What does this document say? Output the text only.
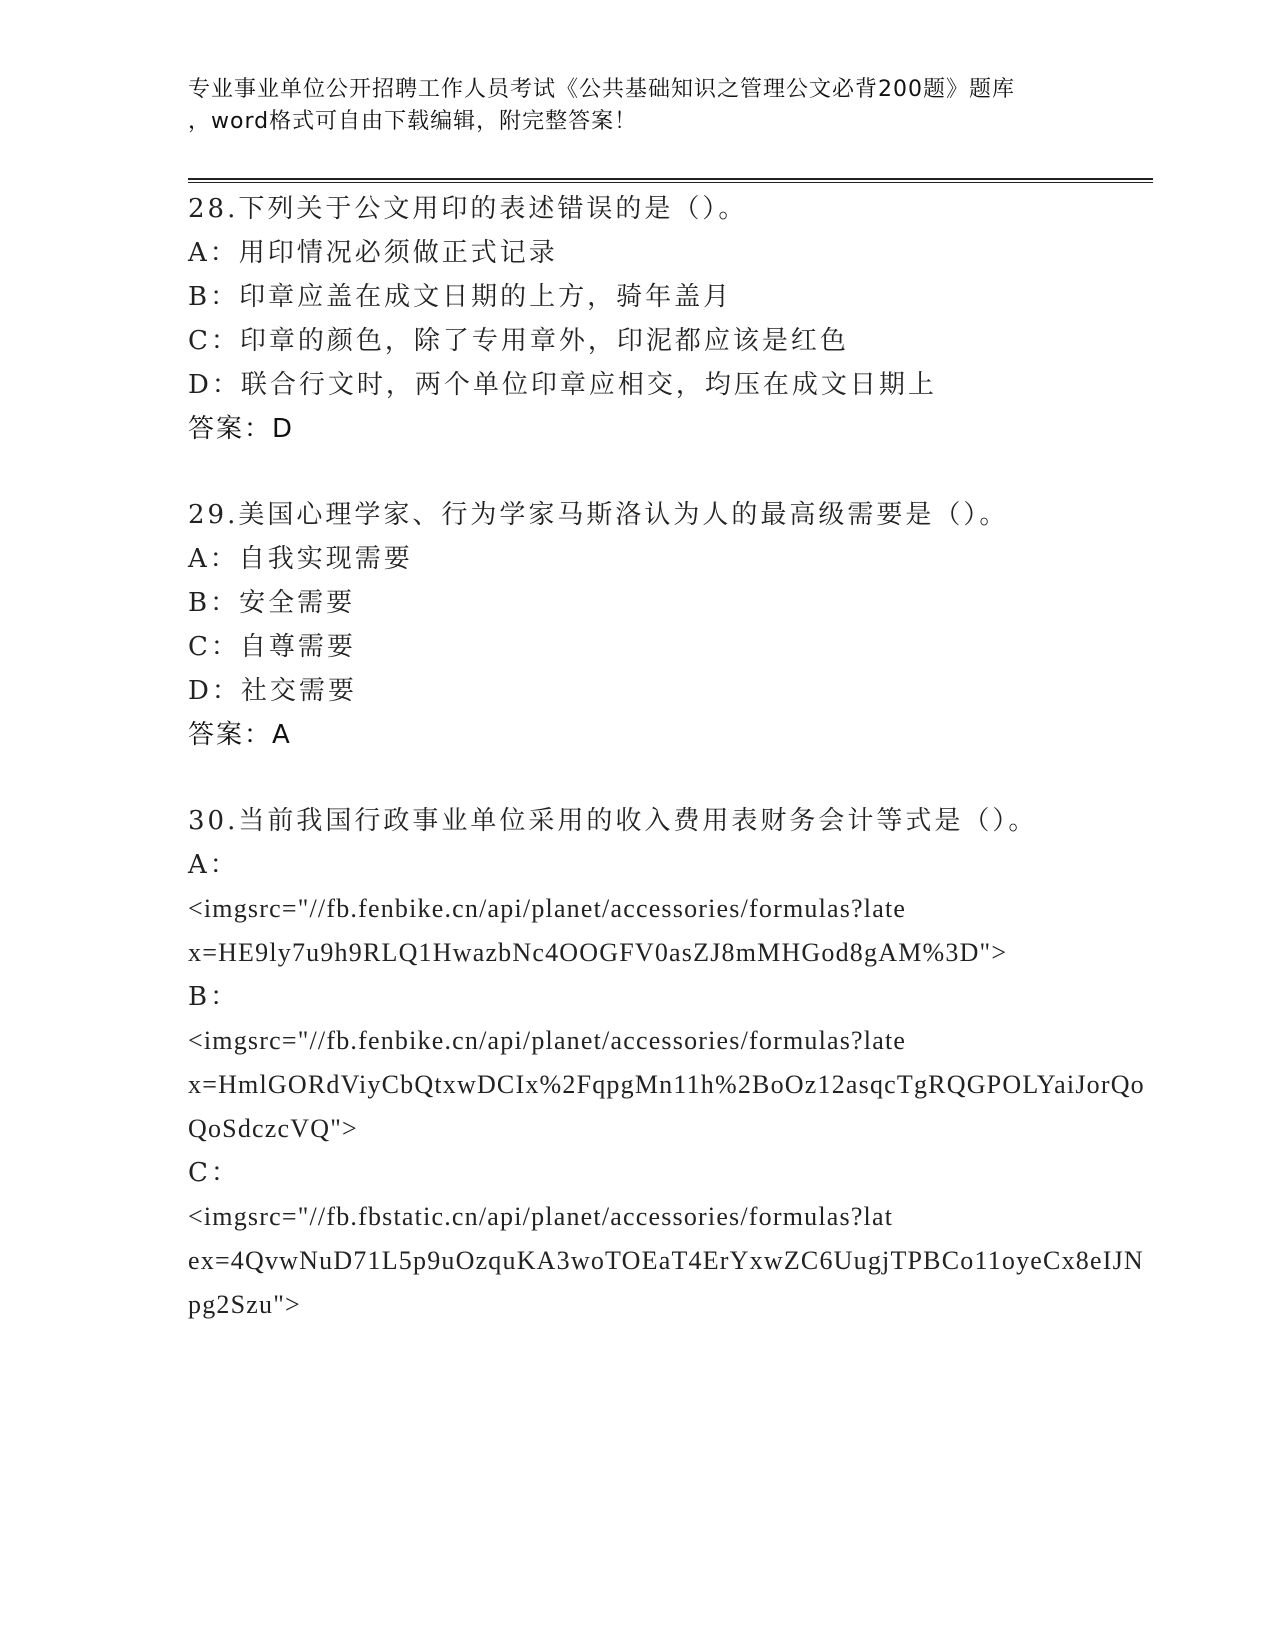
专业事业单位公开招聘工作人员考试《公共基础知识之管理公文必背200题》题库
，word格式可自由下载编辑，附完整答案！
28.下列关于公文用印的表述错误的是（）。
A：用印情况必须做正式记录
B：印章应盖在成文日期的上方，骑年盖月
C：印章的颜色，除了专用章外，印泥都应该是红色
D：联合行文时，两个单位印章应相交，均压在成文日期上
答案：D
29.美国心理学家、行为学家马斯洛认为人的最高级需要是（）。
A：自我实现需要
B：安全需要
C：自尊需要
D：社交需要
答案：A
30.当前我国行政事业单位采用的收入费用表财务会计等式是（）。
A：
<imgsrc="//fb.fenbike.cn/api/planet/accessories/formulas?late
x=HE9ly7u9h9RLQ1HwazbNc4OOGFV0asZJ8mMHGod8gAM%3D">
B：
<imgsrc="//fb.fenbike.cn/api/planet/accessories/formulas?late
x=HmlGORdViyCbQtxwDCIx%2FqpgMn11h%2BoOz12asqcTgRQGPOLYaiJorQo
QoSdczcVQ">
C：
<imgsrc="//fb.fbstatic.cn/api/planet/accessories/formulas?lat
ex=4QvwNuD71L5p9uOzquKA3woTOEaT4ErYxwZC6UugjTPBCo11oyeCx8eIJN
pg2Szu">
